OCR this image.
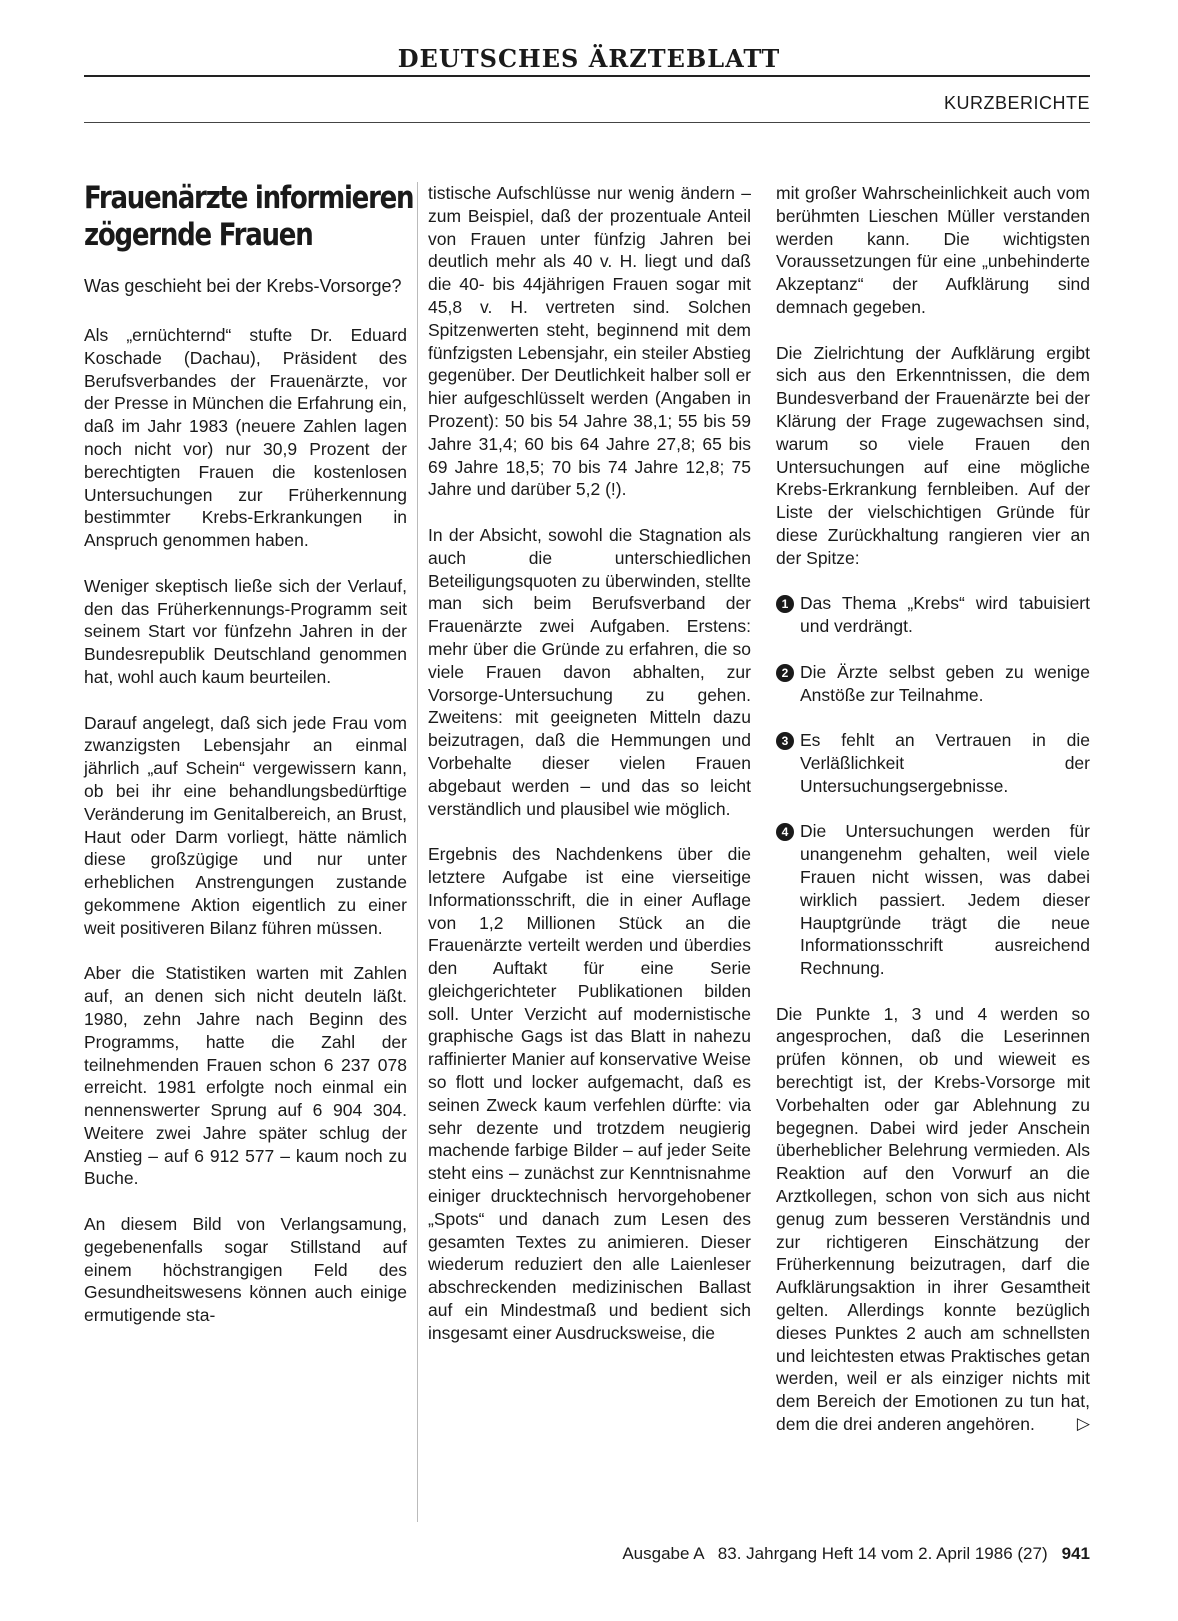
DEUTSCHES ÄRZTEBLATT
KURZBERICHTE
Frauenärzte informieren zögernde Frauen
Was geschieht bei der Krebs-Vorsorge?

Als „ernüchternd“ stufte Dr. Eduard Koschade (Dachau), Präsident des Berufsverbandes der Frauenärzte, vor der Presse in München die Erfahrung ein, daß im Jahr 1983 (neuere Zahlen lagen noch nicht vor) nur 30,9 Prozent der berechtigten Frauen die kostenlosen Untersuchungen zur Früherkennung bestimmter Krebs-Erkrankungen in Anspruch genommen haben.

Weniger skeptisch ließe sich der Verlauf, den das Früherkennungs-Programm seit seinem Start vor fünfzehn Jahren in der Bundesrepublik Deutschland genommen hat, wohl auch kaum beurteilen.

Darauf angelegt, daß sich jede Frau vom zwanzigsten Lebensjahr an einmal jährlich „auf Schein“ vergewissern kann, ob bei ihr eine behandlungsbedürftige Veränderung im Genitalbereich, an Brust, Haut oder Darm vorliegt, hätte nämlich diese großzügige und nur unter erheblichen Anstrengungen zustande gekommene Aktion eigentlich zu einer weit positiveren Bilanz führen müssen.

Aber die Statistiken warten mit Zahlen auf, an denen sich nicht deuteln läßt. 1980, zehn Jahre nach Beginn des Programms, hatte die Zahl der teilnehmenden Frauen schon 6 237 078 erreicht. 1981 erfolgte noch einmal ein nennenswerter Sprung auf 6 904 304. Weitere zwei Jahre später schlug der Anstieg – auf 6 912 577 – kaum noch zu Buche.

An diesem Bild von Verlangsamung, gegebenenfalls sogar Stillstand auf einem höchstrangigen Feld des Gesundheitswesens können auch einige ermutigende sta-

tistische Aufschlüsse nur wenig ändern – zum Beispiel, daß der prozentuale Anteil von Frauen unter fünfzig Jahren bei deutlich mehr als 40 v. H. liegt und daß die 40- bis 44jährigen Frauen sogar mit 45,8 v. H. vertreten sind. Solchen Spitzenwerten steht, beginnend mit dem fünfzigsten Lebensjahr, ein steiler Abstieg gegenüber. Der Deutlichkeit halber soll er hier aufgeschlüsselt werden (Angaben in Prozent): 50 bis 54 Jahre 38,1; 55 bis 59 Jahre 31,4; 60 bis 64 Jahre 27,8; 65 bis 69 Jahre 18,5; 70 bis 74 Jahre 12,8; 75 Jahre und darüber 5,2 (!).

In der Absicht, sowohl die Stagnation als auch die unterschiedlichen Beteiligungsquoten zu überwinden, stellte man sich beim Berufsverband der Frauenärzte zwei Aufgaben. Erstens: mehr über die Gründe zu erfahren, die so viele Frauen davon abhalten, zur Vorsorge-Untersuchung zu gehen. Zweitens: mit geeigneten Mitteln dazu beizutragen, daß die Hemmungen und Vorbehalte dieser vielen Frauen abgebaut werden – und das so leicht verständlich und plausibel wie möglich.

Ergebnis des Nachdenkens über die letztere Aufgabe ist eine vierseitige Informationsschrift, die in einer Auflage von 1,2 Millionen Stück an die Frauenärzte verteilt werden und überdies den Auftakt für eine Serie gleichgerichteter Publikationen bilden soll. Unter Verzicht auf modernistische graphische Gags ist das Blatt in nahezu raffinierter Manier auf konservative Weise so flott und locker aufgemacht, daß es seinen Zweck kaum verfehlen dürfte: via sehr dezente und trotzdem neugierig machende farbige Bilder – auf jeder Seite steht eins – zunächst zur Kenntnisnahme einiger drucktechnisch hervorgehobener „Spots“ und danach zum Lesen des gesamten Textes zu animieren. Dieser wiederum reduziert den alle Laienleser abschreckenden medizinischen Ballast auf ein Mindestmaß und bedient sich insgesamt einer Ausdrucksweise, die

mit großer Wahrscheinlichkeit auch vom berühmten Lieschen Müller verstanden werden kann. Die wichtigsten Voraussetzungen für eine „unbehinderte Akzeptanz“ der Aufklärung sind demnach gegeben.

Die Zielrichtung der Aufklärung ergibt sich aus den Erkenntnissen, die dem Bundesverband der Frauenärzte bei der Klärung der Frage zugewachsen sind, warum so viele Frauen den Untersuchungen auf eine mögliche Krebs-Erkrankung fernbleiben. Auf der Liste der vielschichtigen Gründe für diese Zurückhaltung rangieren vier an der Spitze:

1 Das Thema „Krebs“ wird tabuisiert und verdrängt.

2 Die Ärzte selbst geben zu wenige Anstöße zur Teilnahme.

3 Es fehlt an Vertrauen in die Verläßlichkeit der Untersuchungsergebnisse.

4 Die Untersuchungen werden für unangenehm gehalten, weil viele Frauen nicht wissen, was dabei wirklich passiert. Jedem dieser Hauptgründe trägt die neue Informationsschrift ausreichend Rechnung.

Die Punkte 1, 3 und 4 werden so angesprochen, daß die Leserinnen prüfen können, ob und wieweit es berechtigt ist, der Krebs-Vorsorge mit Vorbehalten oder gar Ablehnung zu begegnen. Dabei wird jeder Anschein überheblicher Belehrung vermieden. Als Reaktion auf den Vorwurf an die Arztkollegen, schon von sich aus nicht genug zum besseren Verständnis und zur richtigeren Einschätzung der Früherkennung beizutragen, darf die Aufklärungsaktion in ihrer Gesamtheit gelten. Allerdings konnte bezüglich dieses Punktes 2 auch am schnellsten und leichtesten etwas Praktisches getan werden, weil er als einziger nichts mit dem Bereich der Emotionen zu tun hat, dem die drei anderen angehören. ▷

Ausgabe A   83. Jahrgang Heft 14 vom 2. April 1986 (27) 941
